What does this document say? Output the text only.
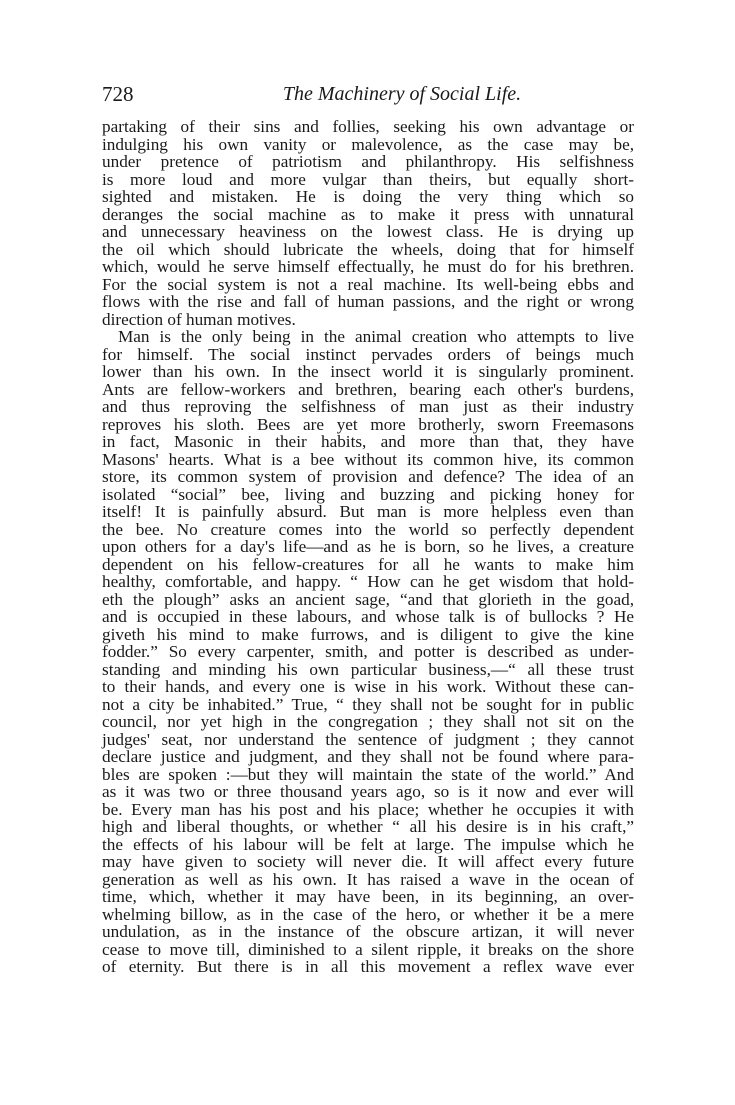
728	The Machinery of Social Life.
partaking of their sins and follies, seeking his own advantage or
indulging his own vanity or malevolence, as the case may be,
under pretence of patriotism and philanthropy. His selfishness
is more loud and more vulgar than theirs, but equally short-
sighted and mistaken. He is doing the very thing which so
deranges the social machine as to make it press with unnatural
and unnecessary heaviness on the lowest class. He is drying up
the oil which should lubricate the wheels, doing that for himself
which, would he serve himself effectually, he must do for his brethren.
For the social system is not a real machine. Its well-being ebbs and
flows with the rise and fall of human passions, and the right or wrong
direction of human motives.
Man is the only being in the animal creation who attempts to live
for himself. The social instinct pervades orders of beings much
lower than his own. In the insect world it is singularly prominent.
Ants are fellow-workers and brethren, bearing each other's burdens,
and thus reproving the selfishness of man just as their industry
reproves his sloth. Bees are yet more brotherly, sworn Freemasons
in fact, Masonic in their habits, and more than that, they have
Masons' hearts. What is a bee without its common hive, its common
store, its common system of provision and defence? The idea of an
isolated “social” bee, living and buzzing and picking honey for
itself! It is painfully absurd. But man is more helpless even than
the bee. No creature comes into the world so perfectly dependent
upon others for a day's life—and as he is born, so he lives, a creature
dependent on his fellow-creatures for all he wants to make him
healthy, comfortable, and happy. “ How can he get wisdom that hold-
eth the plough” asks an ancient sage, “and that glorieth in the goad,
and is occupied in these labours, and whose talk is of bullocks ? He
giveth his mind to make furrows, and is diligent to give the kine
fodder.” So every carpenter, smith, and potter is described as under-
standing and minding his own particular business,—“ all these trust
to their hands, and every one is wise in his work. Without these can-
not a city be inhabited.” True, “ they shall not be sought for in public
council, nor yet high in the congregation ; they shall not sit on the
judges' seat, nor understand the sentence of judgment ; they cannot
declare justice and judgment, and they shall not be found where para-
bles are spoken :—but they will maintain the state of the world.” And
as it was two or three thousand years ago, so is it now and ever will
be. Every man has his post and his place; whether he occupies it with
high and liberal thoughts, or whether “ all his desire is in his craft,”
the effects of his labour will be felt at large. The impulse which he
may have given to society will never die. It will affect every future
generation as well as his own. It has raised a wave in the ocean of
time, which, whether it may have been, in its beginning, an over-
whelming billow, as in the case of the hero, or whether it be a mere
undulation, as in the instance of the obscure artizan, it will never
cease to move till, diminished to a silent ripple, it breaks on the shore
of eternity. But there is in all this movement a reflex wave ever
